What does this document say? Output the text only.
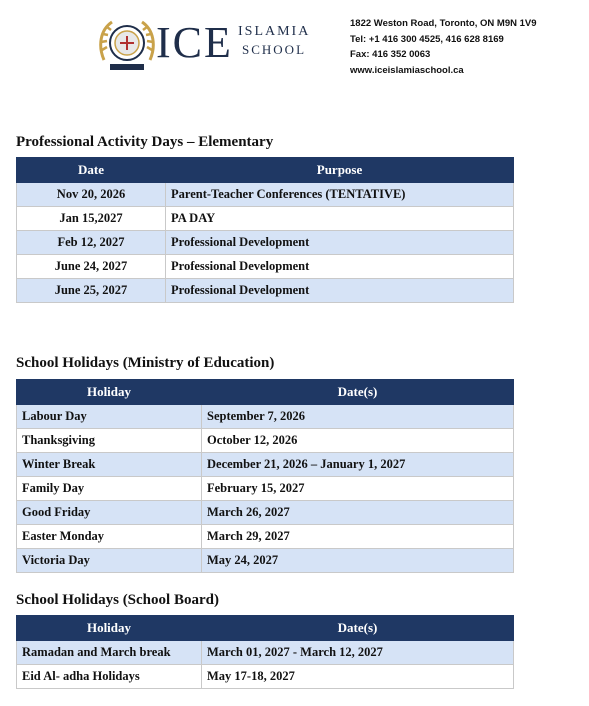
ICE ISLAMIA
SCHOOL
1822 Weston Road, Toronto, ON M9N 1V9
Tel: +1 416 300 4525, 416 628 8169
Fax: 416 352 0063
www.iceislamiaschool.ca
Professional Activity Days – Elementary
Date	Purpose
Nov 20, 2026	Parent-Teacher Conferences (TENTATIVE)
Jan 15,2027	PA DAY
Feb 12, 2027	Professional Development
June 24, 2027	Professional Development
June 25, 2027	Professional Development
School Holidays (Ministry of Education)
Holiday	Date(s)
Labour Day	September 7, 2026
Thanksgiving	October 12, 2026
Winter Break	December 21, 2026 – January 1, 2027
Family Day	February 15, 2027
Good Friday	March 26, 2027
Easter Monday	March 29, 2027
Victoria Day	May 24, 2027
School Holidays (School Board)
Holiday	Date(s)
Ramadan and March break	March 01, 2027 - March 12, 2027
Eid Al- adha Holidays	May 17-18, 2027
